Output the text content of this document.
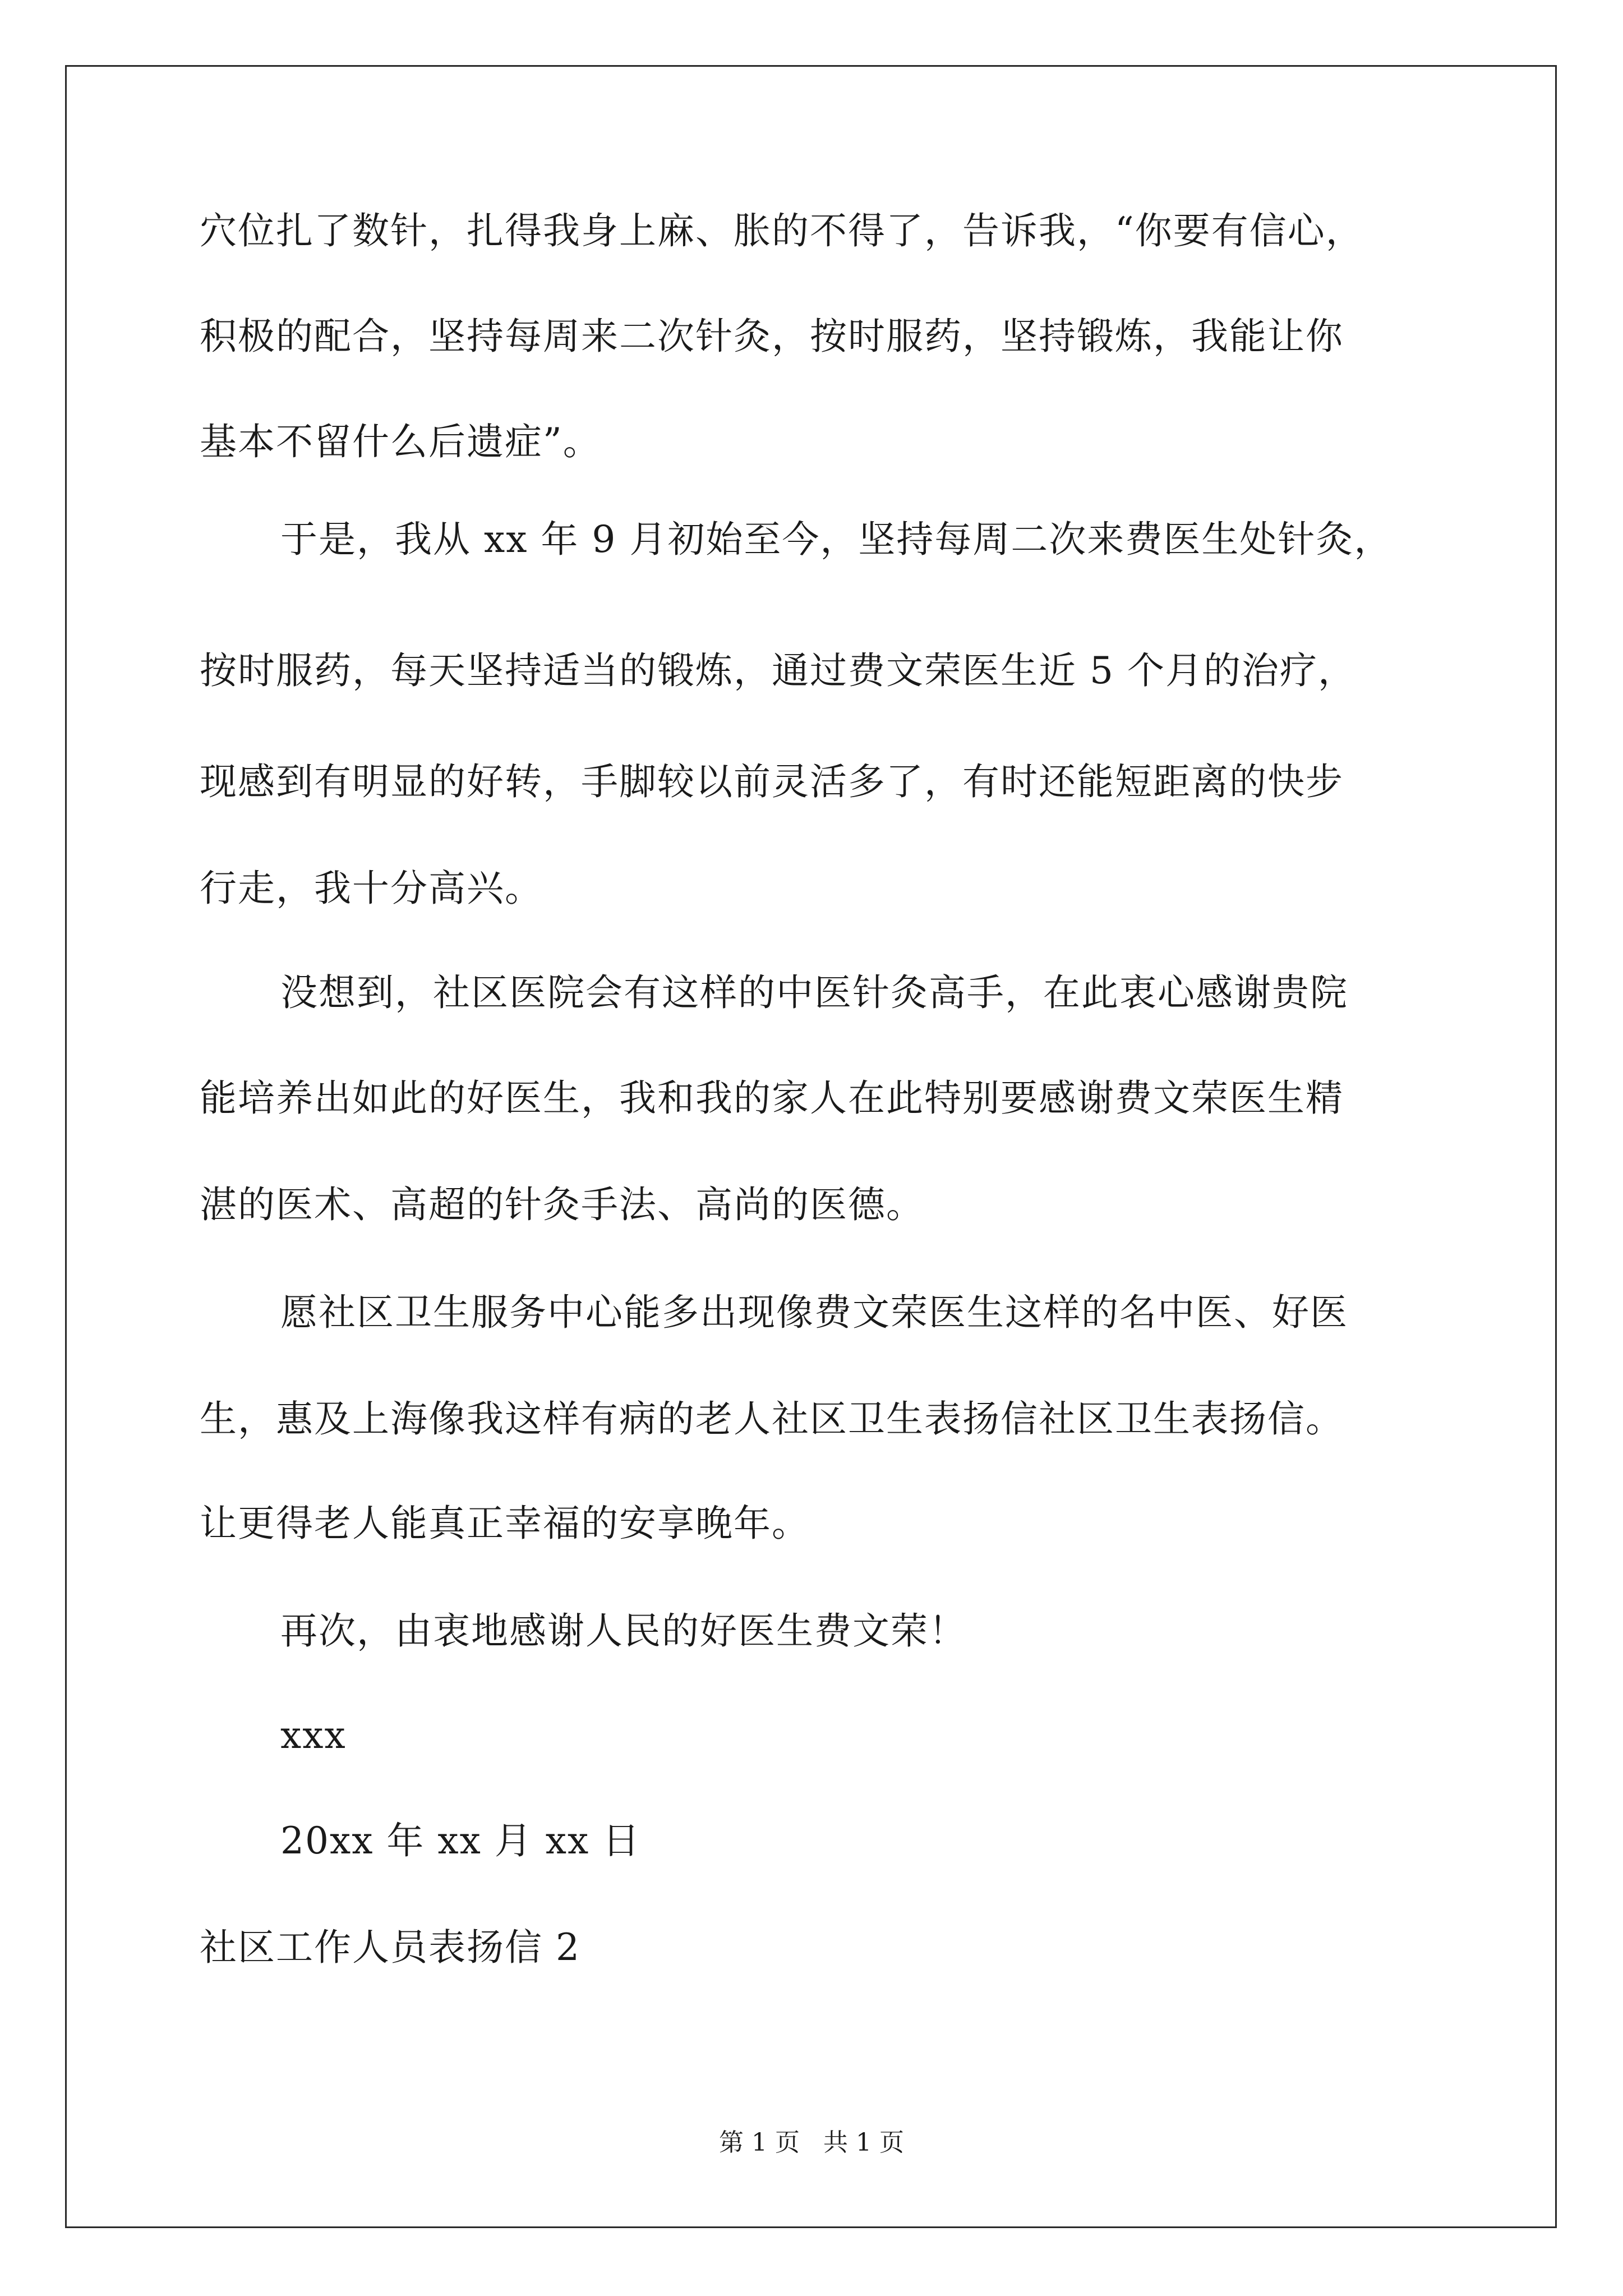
穴位扎了数针，扎得我身上麻、胀的不得了，告诉我，“你要有信心，
积极的配合，坚持每周来二次针灸，按时服药，坚持锻炼，我能让你
基本不留什么后遗症”。
于是，我从 xx 年 9 月初始至今，坚持每周二次来费医生处针灸，
按时服药，每天坚持适当的锻炼，通过费文荣医生近 5 个月的治疗，
现感到有明显的好转，手脚较以前灵活多了，有时还能短距离的快步
行走，我十分高兴。
没想到，社区医院会有这样的中医针灸高手，在此衷心感谢贵院
能培养出如此的好医生，我和我的家人在此特别要感谢费文荣医生精
湛的医术、高超的针灸手法、高尚的医德。
愿社区卫生服务中心能多出现像费文荣医生这样的名中医、好医
生，惠及上海像我这样有病的老人社区卫生表扬信社区卫生表扬信。
让更得老人能真正幸福的安享晚年。
再次，由衷地感谢人民的好医生费文荣！
xxx
20xx 年 xx 月 xx 日
社区工作人员表扬信 2
第 1 页   共 1 页
